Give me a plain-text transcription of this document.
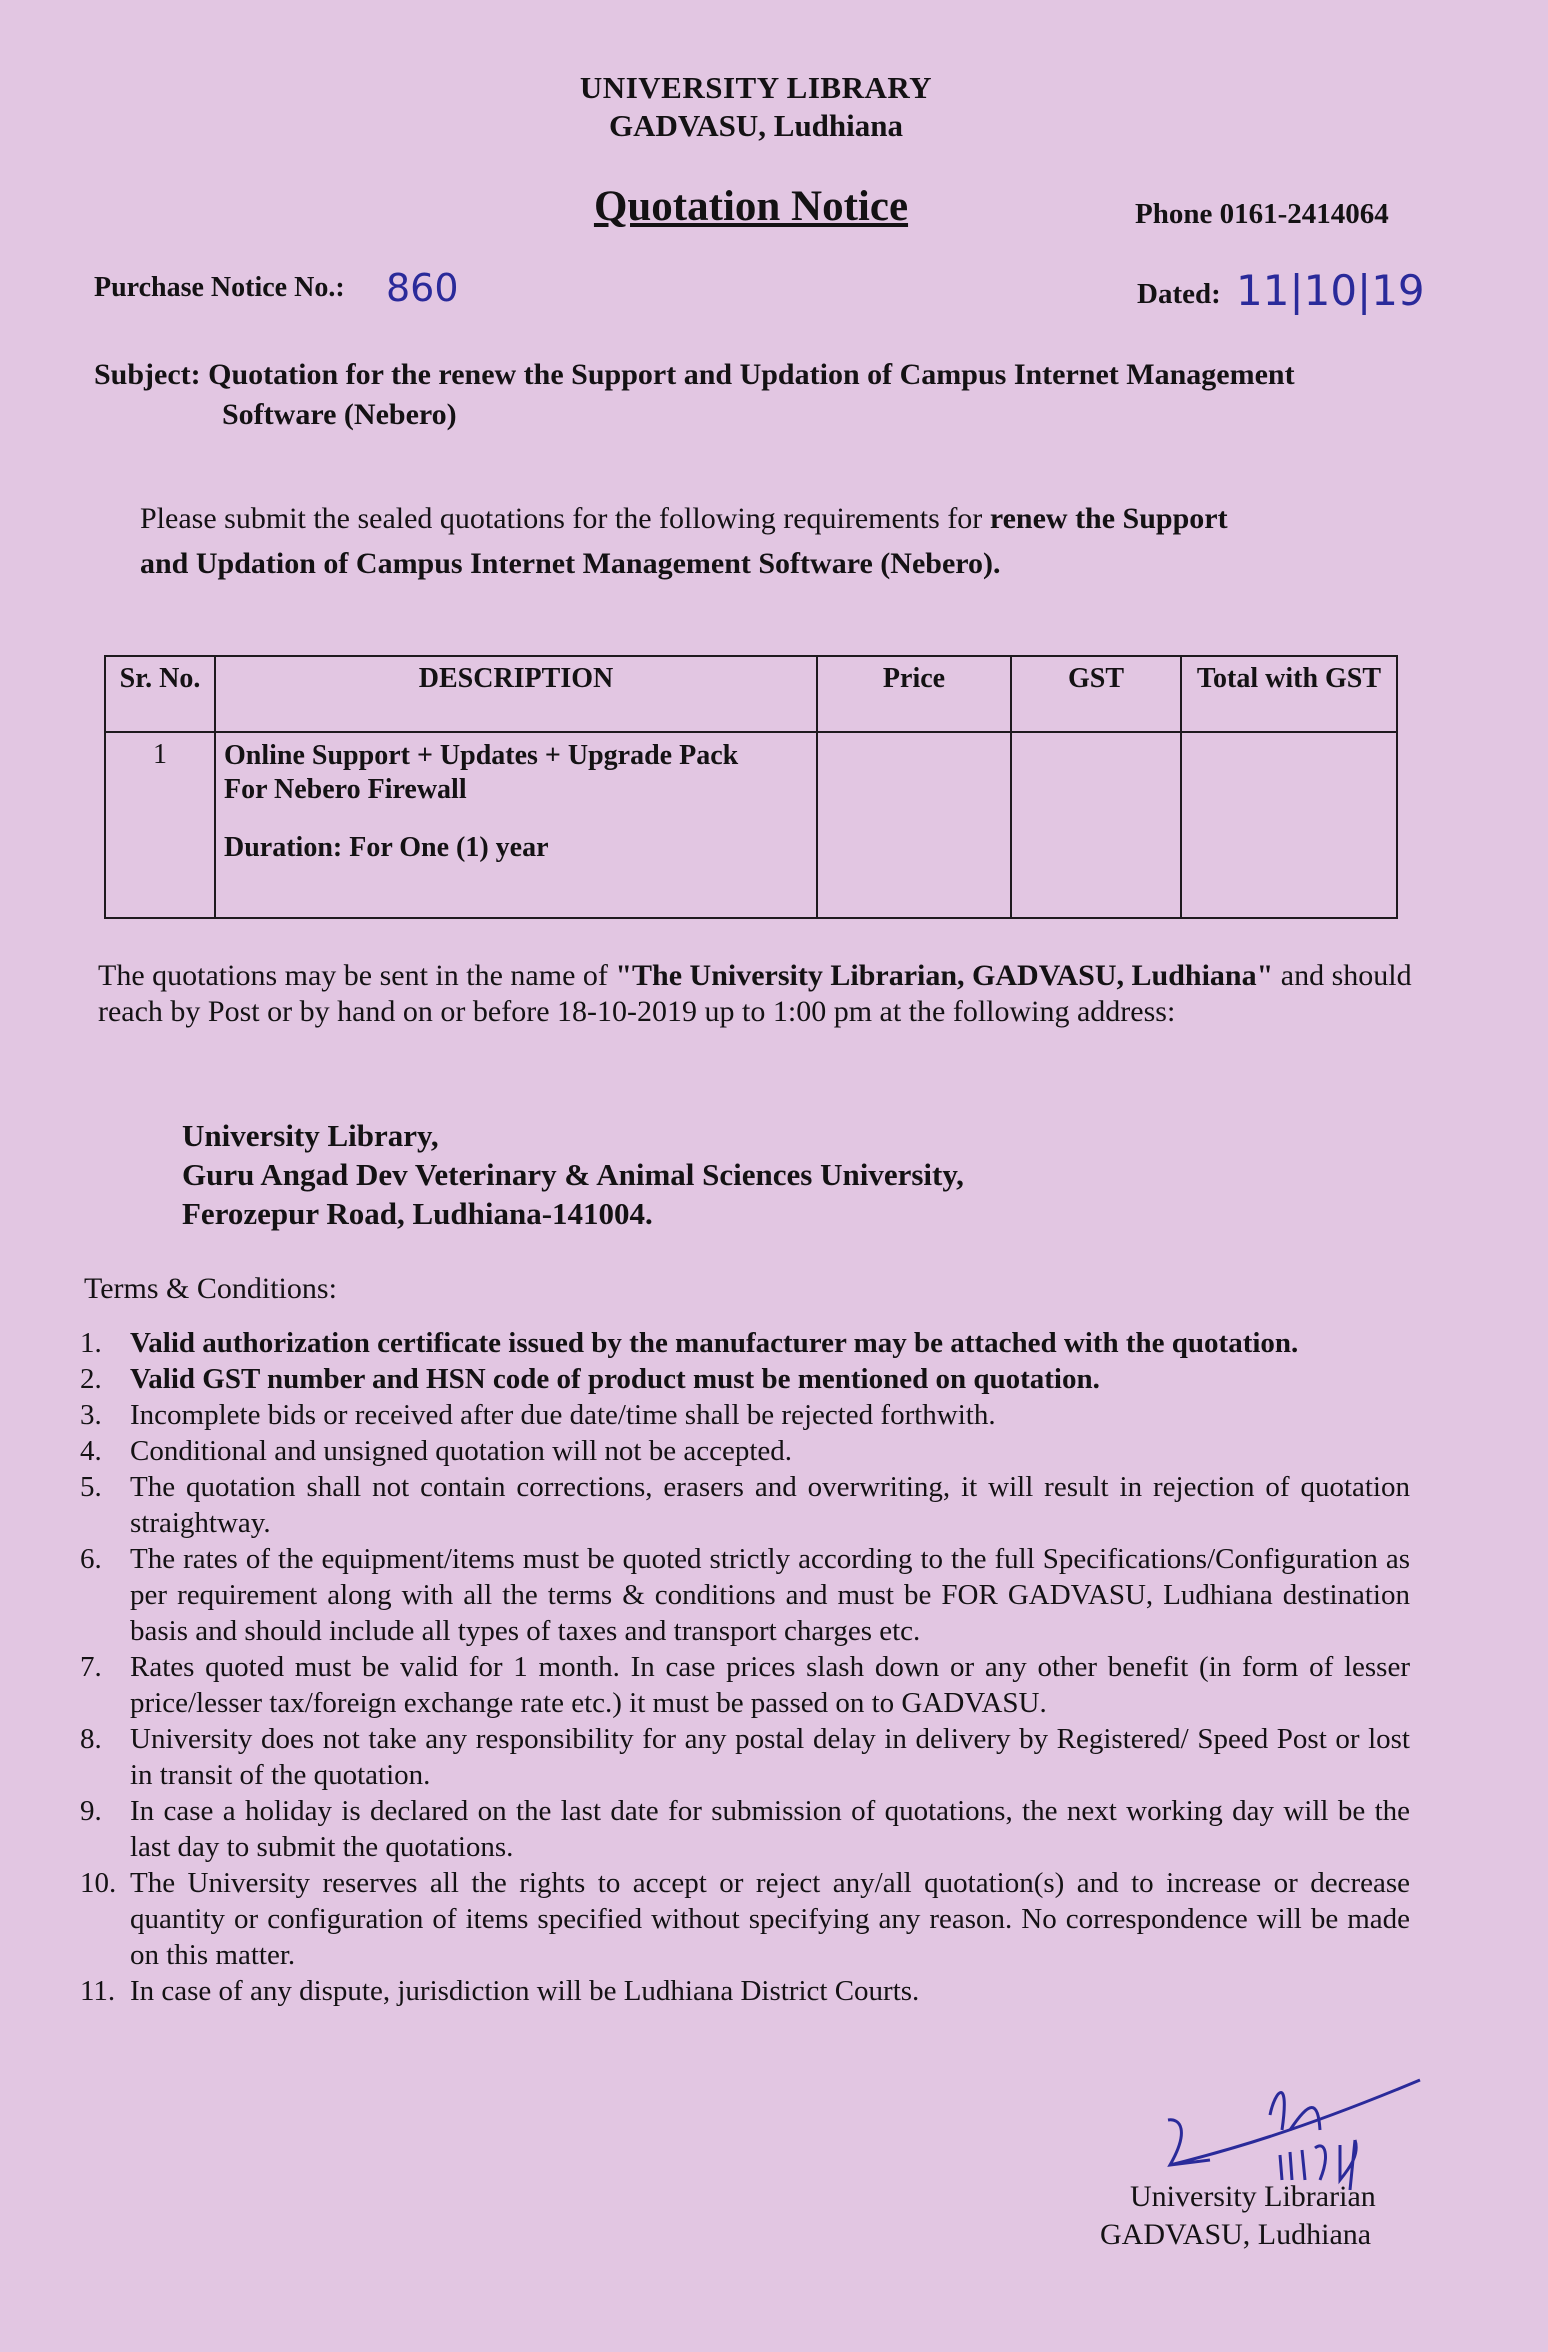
UNIVERSITY LIBRARY
GADVASU, Ludhiana
Quotation Notice	Phone 0161-2414064
Purchase Notice No.: 860	Dated: 11|10|19
Subject: Quotation for the renew the Support and Updation of Campus Internet Management
Software (Nebero)
Please submit the sealed quotations for the following requirements for renew the Support
and Updation of Campus Internet Management Software (Nebero).
Sr. No.	DESCRIPTION	Price	GST	Total with GST
1	Online Support + Updates + Upgrade Pack
For Nebero Firewall
Duration: For One (1) year			

The quotations may be sent in the name of "The University Librarian, GADVASU, Ludhiana" and should reach by Post or by hand on or before 18-10-2019 up to 1:00 pm at the following address:
University Library,
Guru Angad Dev Veterinary & Animal Sciences University,
Ferozepur Road, Ludhiana-141004.
Terms & Conditions:
1. Valid authorization certificate issued by the manufacturer may be attached with the quotation.
2. Valid GST number and HSN code of product must be mentioned on quotation.
3. Incomplete bids or received after due date/time shall be rejected forthwith.
4. Conditional and unsigned quotation will not be accepted.
5. The quotation shall not contain corrections, erasers and overwriting, it will result in rejection of quotation straightway.
6. The rates of the equipment/items must be quoted strictly according to the full Specifications/Configuration as per requirement along with all the terms & conditions and must be FOR GADVASU, Ludhiana destination basis and should include all types of taxes and transport charges etc.
7. Rates quoted must be valid for 1 month. In case prices slash down or any other benefit (in form of lesser price/lesser tax/foreign exchange rate etc.) it must be passed on to GADVASU.
8. University does not take any responsibility for any postal delay in delivery by Registered/ Speed Post or lost in transit of the quotation.
9. In case a holiday is declared on the last date for submission of quotations, the next working day will be the last day to submit the quotations.
10. The University reserves all the rights to accept or reject any/all quotation(s) and to increase or decrease quantity or configuration of items specified without specifying any reason. No correspondence will be made on this matter.
11. In case of any dispute, jurisdiction will be Ludhiana District Courts.
University Librarian
GADVASU, Ludhiana
